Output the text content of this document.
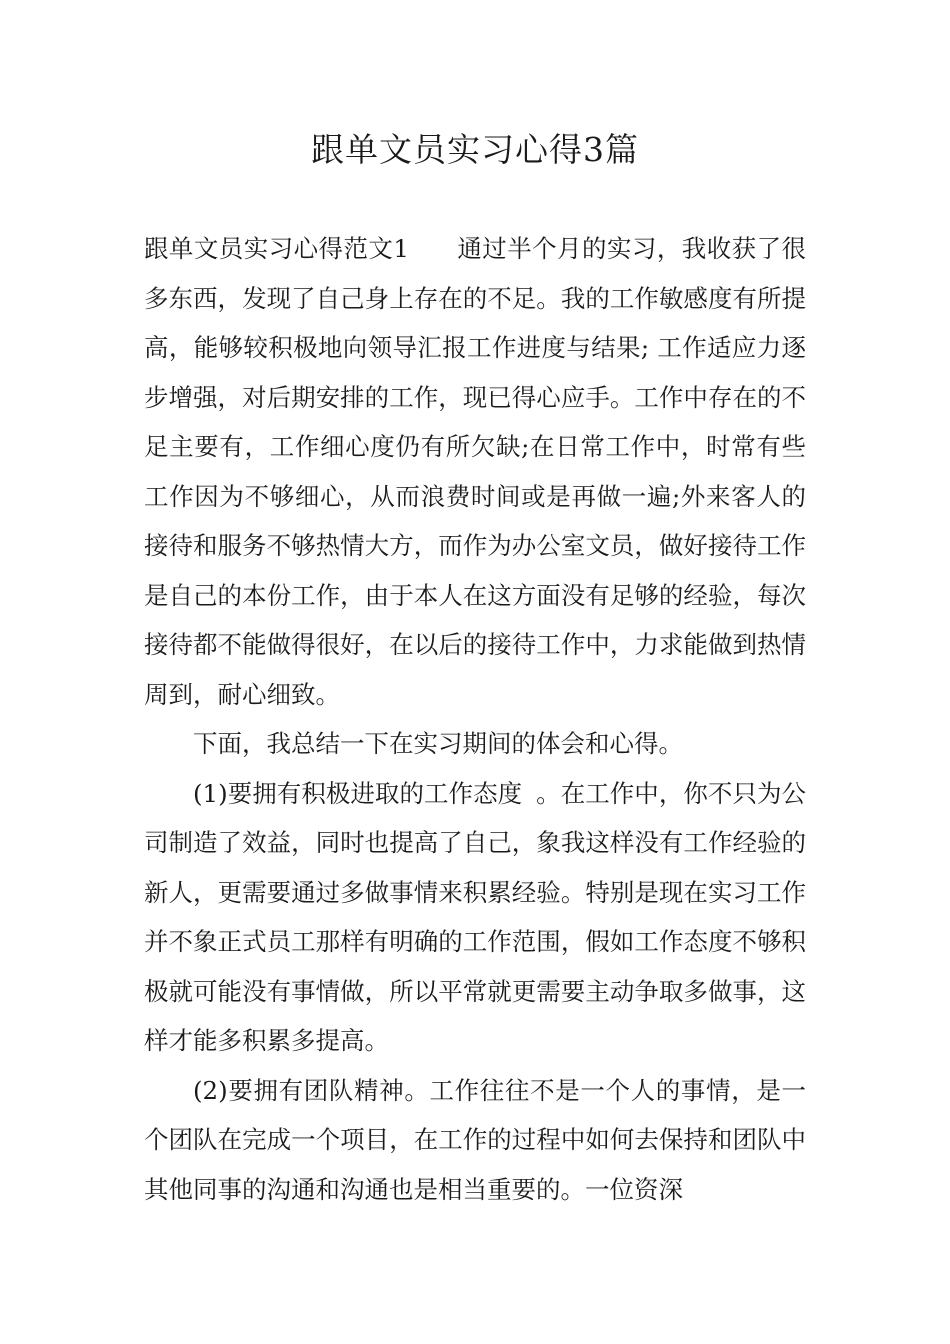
跟单文员实习心得3篇

跟单文员实习心得范文1 通过半个月的实习，我收获了很多东西，发现了自己身上存在的不足。我的工作敏感度有所提高，能够较积极地向领导汇报工作进度与结果; 工作适应力逐步增强，对后期安排的工作，现已得心应手。工作中存在的不足主要有，工作细心度仍有所欠缺;在日常工作中，时常有些工作因为不够细心，从而浪费时间或是再做一遍;外来客人的接待和服务不够热情大方，而作为办公室文员，做好接待工作是自己的本份工作，由于本人在这方面没有足够的经验，每次接待都不能做得很好，在以后的接待工作中，力求能做到热情周到，耐心细致。

下面，我总结一下在实习期间的体会和心得。

(1)要拥有积极进取的工作态度 。在工作中，你不只为公司制造了效益，同时也提高了自己，象我这样没有工作经验的新人，更需要通过多做事情来积累经验。特别是现在实习工作并不象正式员工那样有明确的工作范围，假如工作态度不够积极就可能没有事情做，所以平常就更需要主动争取多做事，这样才能多积累多提高。

(2)要拥有团队精神。工作往往不是一个人的事情，是一个团队在完成一个项目，在工作的过程中如何去保持和团队中其他同事的沟通和沟通也是相当重要的。一位资深
